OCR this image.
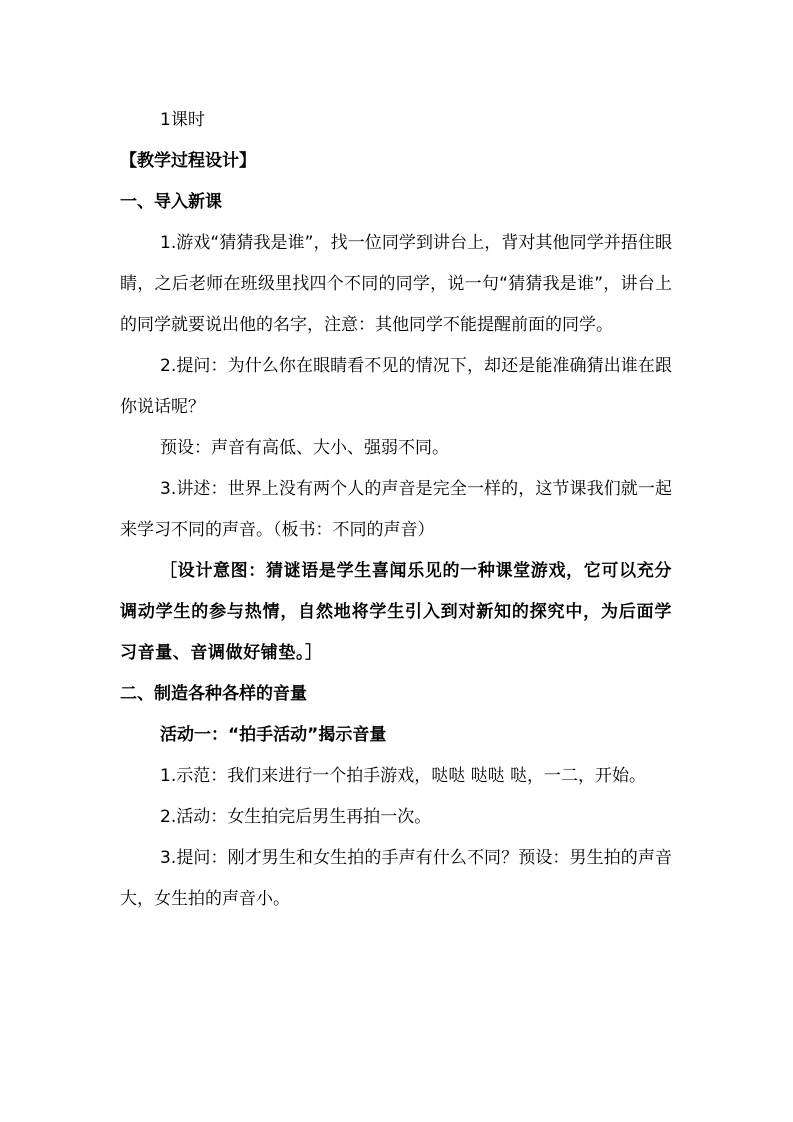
1课时

【教学过程设计】

一、导入新课

1.游戏“猜猜我是谁”，找一位同学到讲台上，背对其他同学并捂住眼睛，之后老师在班级里找四个不同的同学，说一句“猜猜我是谁”，讲台上的同学就要说出他的名字，注意：其他同学不能提醒前面的同学。

2.提问：为什么你在眼睛看不见的情况下，却还是能准确猜出谁在跟你说话呢？

预设：声音有高低、大小、强弱不同。

3.讲述：世界上没有两个人的声音是完全一样的，这节课我们就一起来学习不同的声音。（板书：不同的声音）

［设计意图：猜谜语是学生喜闻乐见的一种课堂游戏，它可以充分调动学生的参与热情，自然地将学生引入到对新知的探究中，为后面学习音量、音调做好铺垫。］

二、制造各种各样的音量

活动一：“拍手活动”揭示音量

1.示范：我们来进行一个拍手游戏，哒哒 哒哒 哒，一二，开始。

2.活动：女生拍完后男生再拍一次。

3.提问：刚才男生和女生拍的手声有什么不同？预设：男生拍的声音大，女生拍的声音小。
